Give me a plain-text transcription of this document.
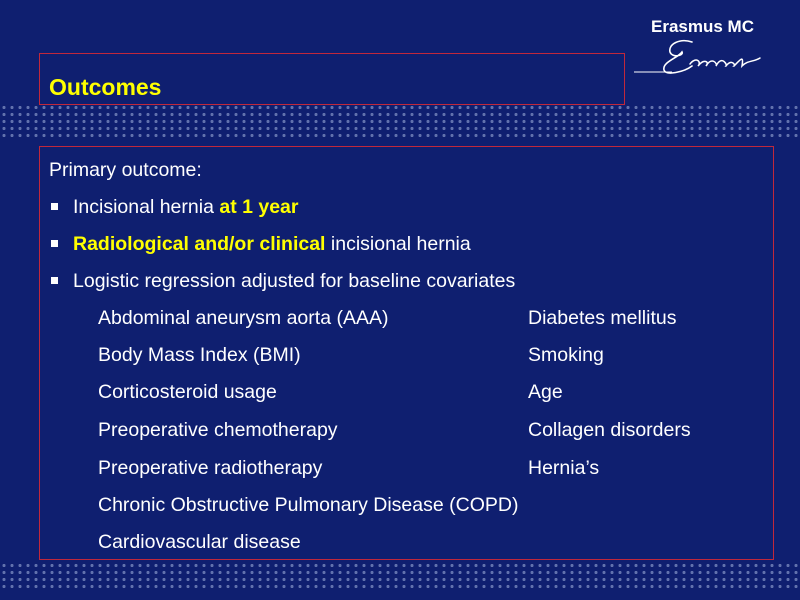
Erasmus MC
Outcomes
Primary outcome:
Incisional hernia at 1 year
Radiological and/or clinical incisional hernia
Logistic regression adjusted for baseline covariates
Abdominal aneurysm aorta (AAA)
Body Mass Index (BMI)
Corticosteroid usage
Preoperative chemotherapy
Preoperative radiotherapy
Chronic Obstructive Pulmonary Disease (COPD)
Cardiovascular disease
Diabetes mellitus
Smoking
Age
Collagen disorders
Hernia’s
